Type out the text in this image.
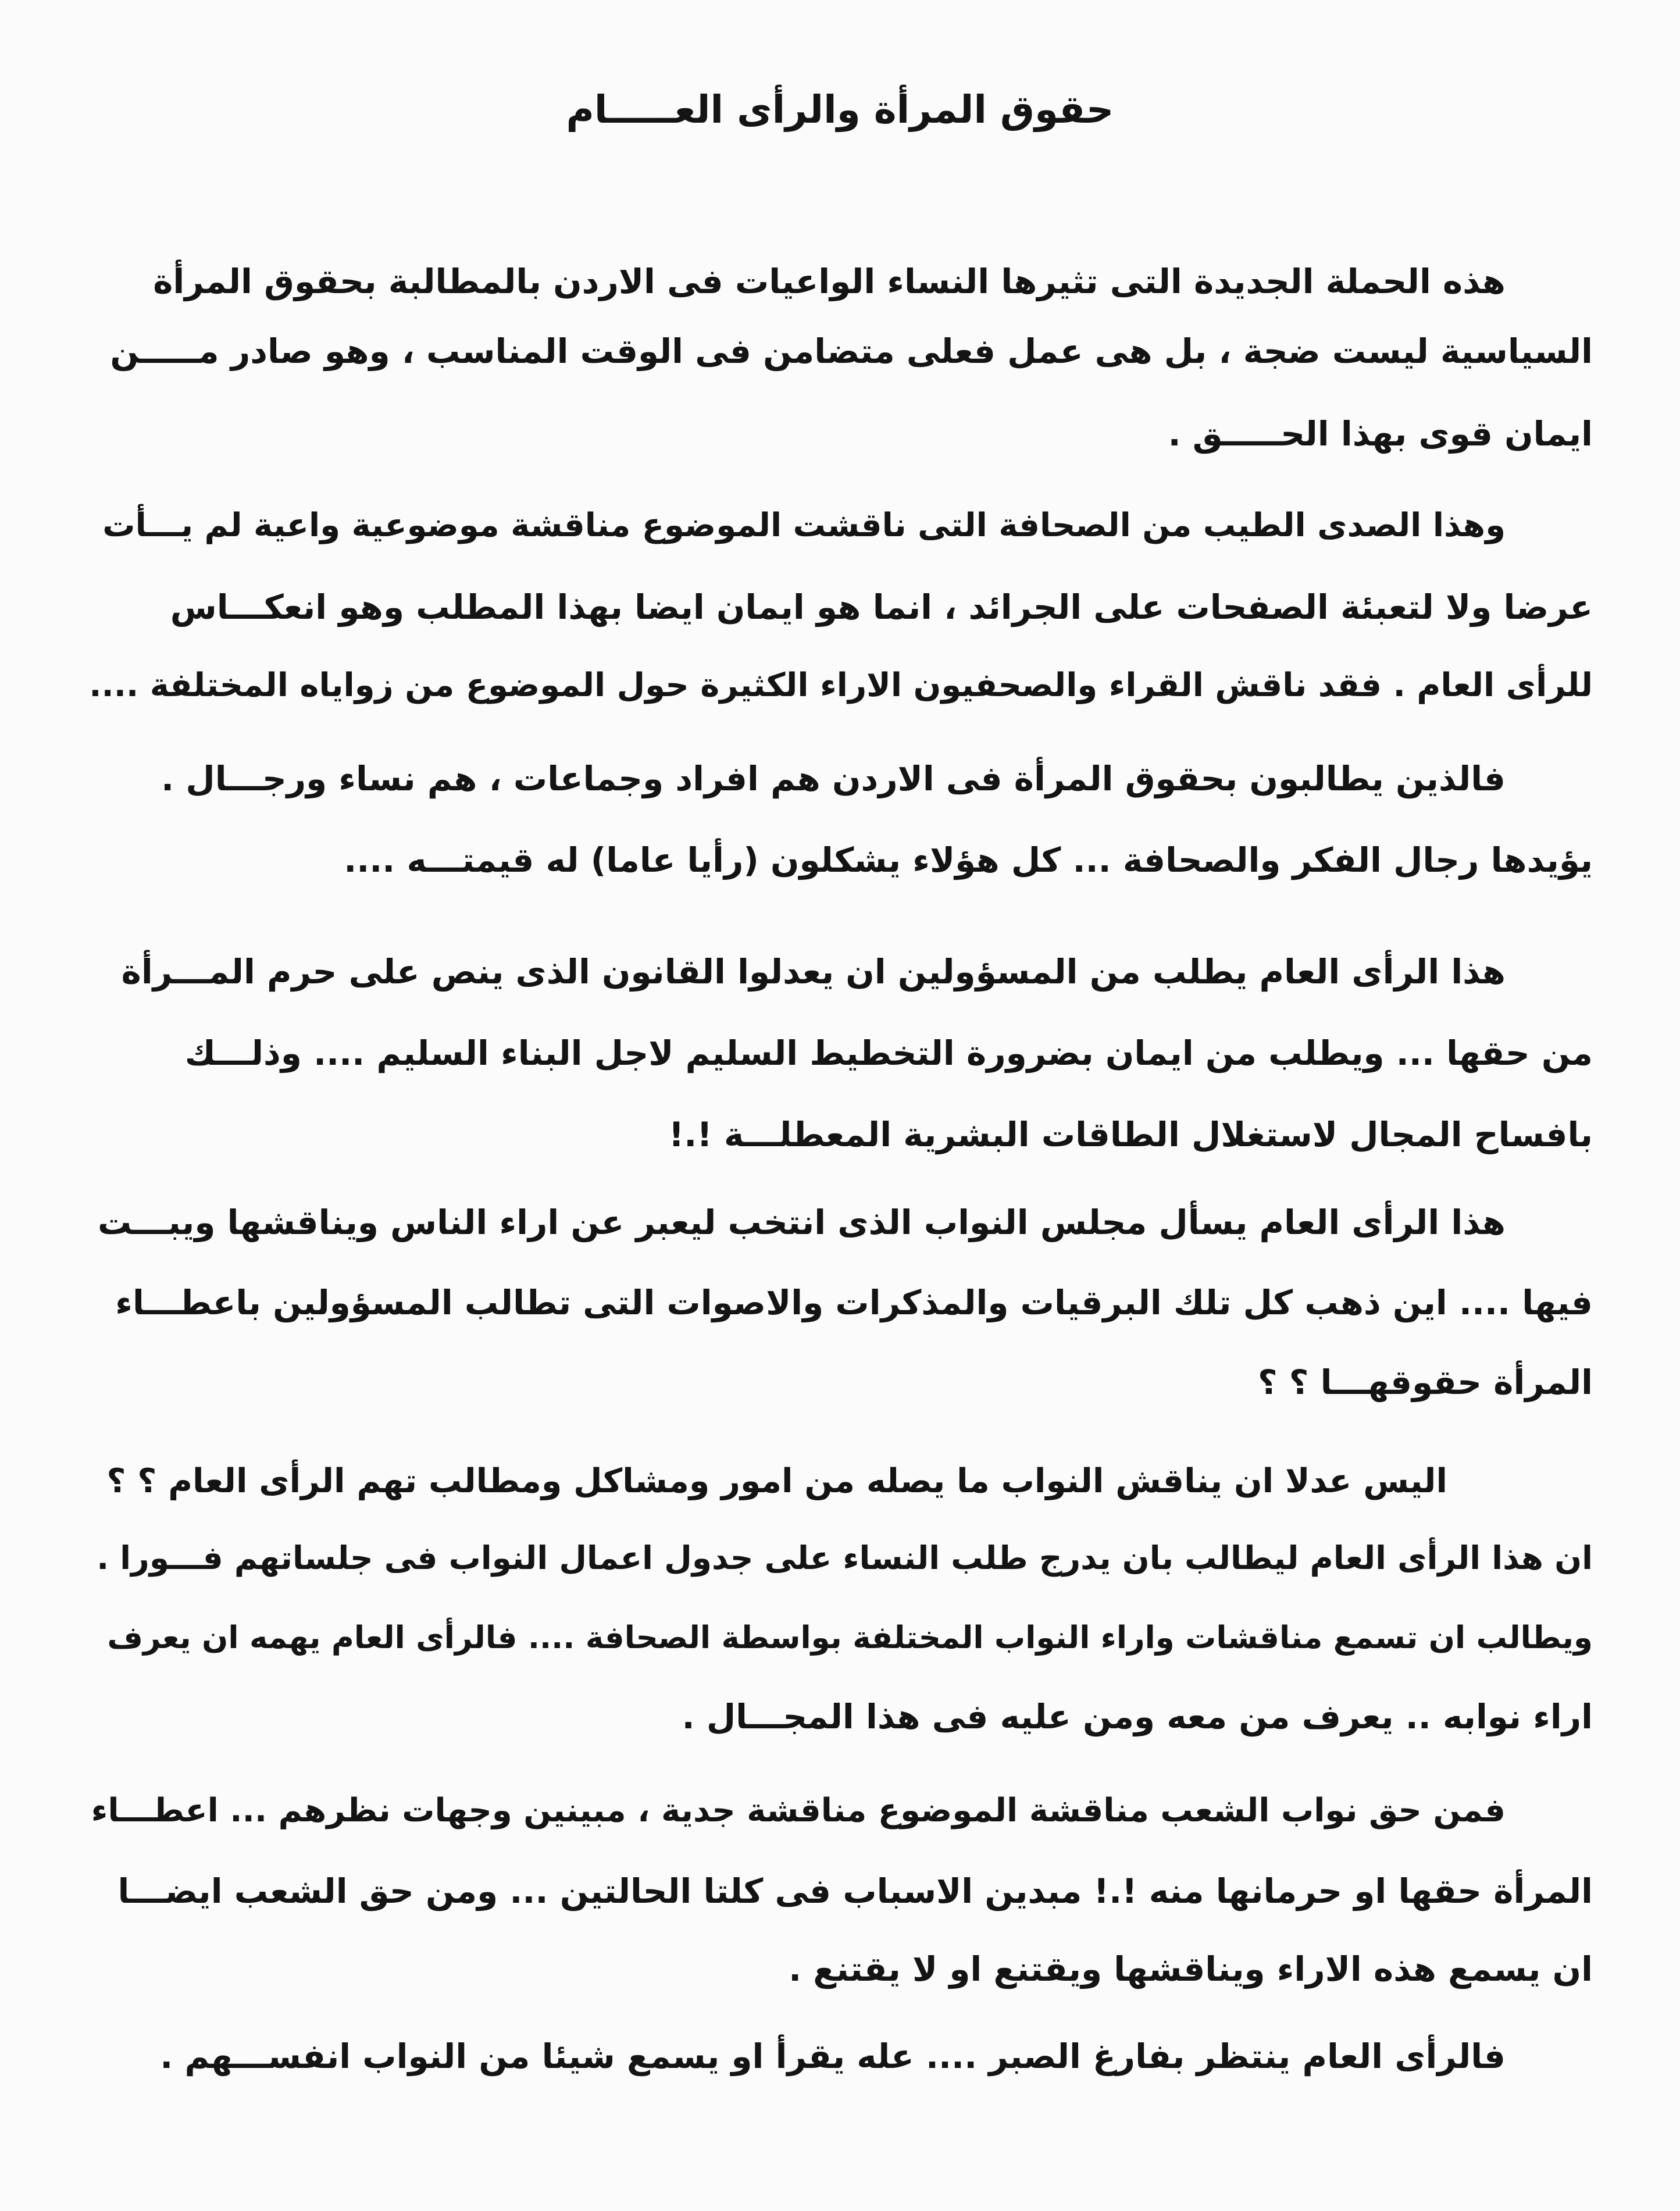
حقوق المرأة والرأى العـــــام

هذه الحملة الجديدة التى تثيرها النساء الواعيات فى الاردن بالمطالبة بحقوق المرأة

السياسية ليست ضجة ، بل هى عمل فعلى متضامن فى الوقت المناسب ، وهو صادر مـــــن

ايمان قوى بهذا الحـــــق .

وهذا الصدى الطيب من الصحافة التى ناقشت الموضوع مناقشة موضوعية واعية لم يـــأت

عرضا ولا لتعبئة الصفحات على الجرائد ، انما هو ايمان ايضا بهذا المطلب وهو انعكـــاس

للرأى العام . فقد ناقش القراء والصحفيون الاراء الكثيرة حول الموضوع من زواياه المختلفة ....

فالذين يطالبون بحقوق المرأة فى الاردن هم افراد وجماعات ، هم نساء ورجـــال .

يؤيدها رجال الفكر والصحافة ... كل هؤلاء يشكلون (رأيا عاما) له قيمتـــه ....

هذا الرأى العام يطلب من المسؤولين ان يعدلوا القانون الذى ينص على حرم المـــرأة

من حقها ... ويطلب من ايمان بضرورة التخطيط السليم لاجل البناء السليم .... وذلـــك

بافساح المجال لاستغلال الطاقات البشرية المعطلـــة !.!

هذا الرأى العام يسأل مجلس النواب الذى انتخب ليعبر عن اراء الناس ويناقشها ويبـــت

فيها .... اين ذهب كل تلك البرقيات والمذكرات والاصوات التى تطالب المسؤولين باعطـــاء

المرأة حقوقهـــا ؟ ؟

اليس عدلا ان يناقش النواب ما يصله من امور ومشاكل ومطالب تهم الرأى العام ؟ ؟

ان هذا الرأى العام ليطالب بان يدرج طلب النساء على جدول اعمال النواب فى جلساتهم فـــورا .

ويطالب ان تسمع مناقشات واراء النواب المختلفة بواسطة الصحافة .... فالرأى العام يهمه ان يعرف

اراء نوابه .. يعرف من معه ومن عليه فى هذا المجـــال .

فمن حق نواب الشعب مناقشة الموضوع مناقشة جدية ، مبينين وجهات نظرهم ... اعطـــاء

المرأة حقها او حرمانها منه !.! مبدين الاسباب فى كلتا الحالتين ... ومن حق الشعب ايضـــا

ان يسمع هذه الاراء ويناقشها ويقتنع او لا يقتنع .

فالرأى العام ينتظر بفارغ الصبر .... عله يقرأ او يسمع شيئا من النواب انفســـهم .
